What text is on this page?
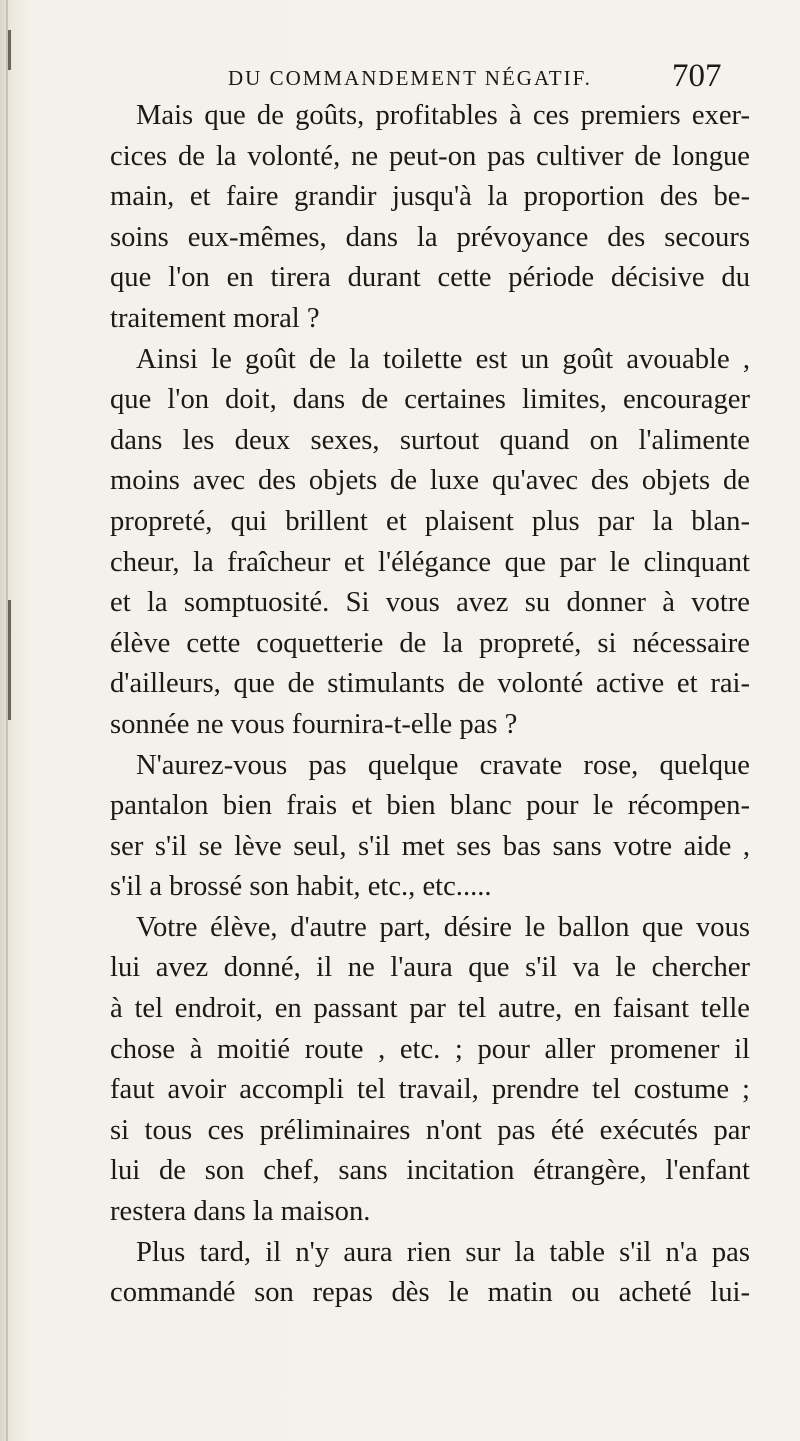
DU COMMANDEMENT NÉGATIF. 707
Mais que de goûts, profitables à ces premiers exer-
cices de la volonté, ne peut-on pas cultiver de longue
main, et faire grandir jusqu'à la proportion des be-
soins eux-mêmes, dans la prévoyance des secours
que l'on en tirera durant cette période décisive du
traitement moral ?
Ainsi le goût de la toilette est un goût avouable ,
que l'on doit, dans de certaines limites, encourager
dans les deux sexes, surtout quand on l'alimente
moins avec des objets de luxe qu'avec des objets de
propreté, qui brillent et plaisent plus par la blan-
cheur, la fraîcheur et l'élégance que par le clinquant
et la somptuosité. Si vous avez su donner à votre
élève cette coquetterie de la propreté, si nécessaire
d'ailleurs, que de stimulants de volonté active et rai-
sonnée ne vous fournira-t-elle pas ?
N'aurez-vous pas quelque cravate rose, quelque
pantalon bien frais et bien blanc pour le récompen-
ser s'il se lève seul, s'il met ses bas sans votre aide ,
s'il a brossé son habit, etc., etc.....
Votre élève, d'autre part, désire le ballon que vous
lui avez donné, il ne l'aura que s'il va le chercher
à tel endroit, en passant par tel autre, en faisant telle
chose à moitié route , etc. ; pour aller promener il
faut avoir accompli tel travail, prendre tel costume ;
si tous ces préliminaires n'ont pas été exécutés par
lui de son chef, sans incitation étrangère, l'enfant
restera dans la maison.
Plus tard, il n'y aura rien sur la table s'il n'a pas
commandé son repas dès le matin ou acheté lui-
